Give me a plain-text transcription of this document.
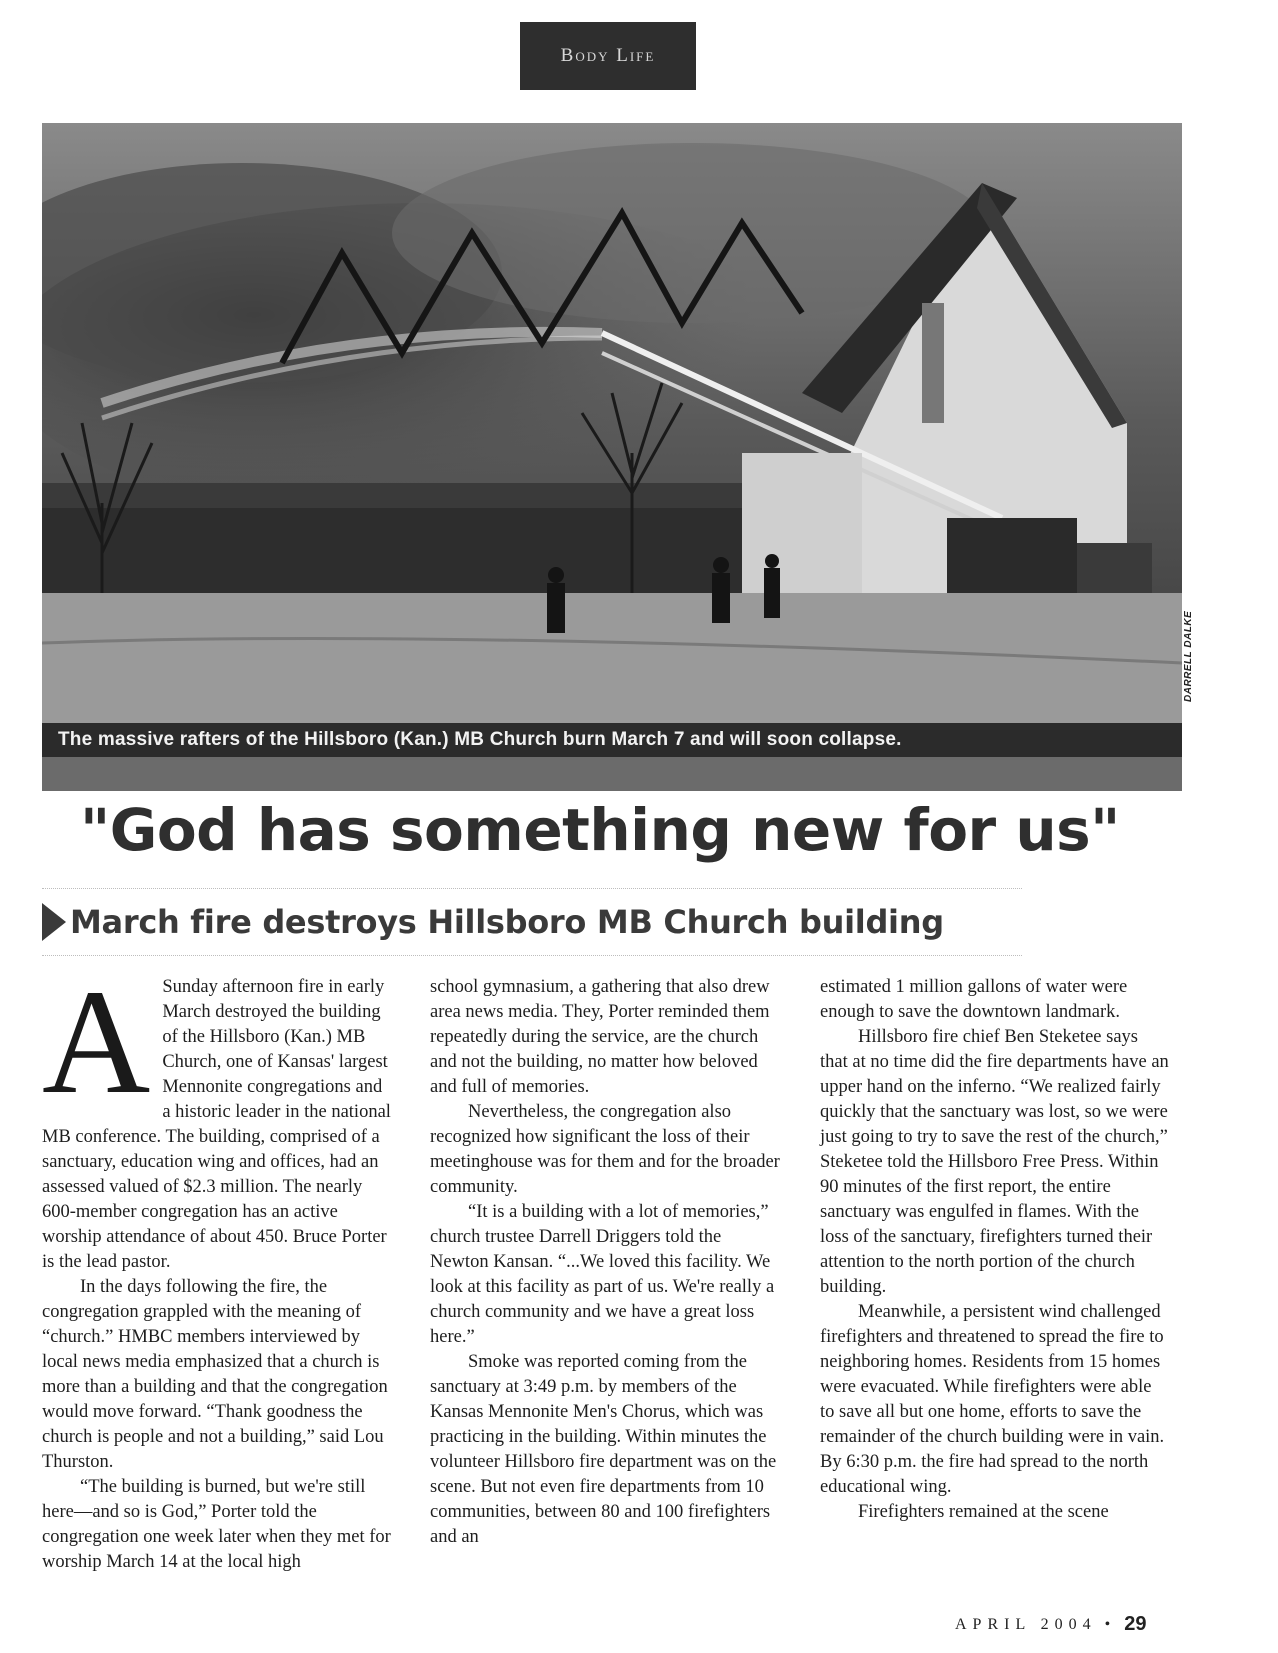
Body Life
DARRELL DALKE
The massive rafters of the Hillsboro (Kan.) MB Church burn March 7 and will soon collapse.
"God has something new for us"
March fire destroys Hillsboro MB Church building
A Sunday afternoon fire in early March destroyed the building of the Hillsboro (Kan.) MB Church, one of Kansas' largest Mennonite congregations and a historic leader in the national MB conference. The building, comprised of a sanctuary, education wing and offices, had an assessed valued of $2.3 million. The nearly 600-member congregation has an active worship attendance of about 450. Bruce Porter is the lead pastor.

In the days following the fire, the congregation grappled with the meaning of “church.” HMBC members interviewed by local news media emphasized that a church is more than a building and that the congregation would move forward. “Thank goodness the church is people and not a building,” said Lou Thurston.

“The building is burned, but we're still here—and so is God,” Porter told the congregation one week later when they met for worship March 14 at the local high

school gymnasium, a gathering that also drew area news media. They, Porter reminded them repeatedly during the service, are the church and not the building, no matter how beloved and full of memories.

Nevertheless, the congregation also recognized how significant the loss of their meetinghouse was for them and for the broader community.

“It is a building with a lot of memories,” church trustee Darrell Driggers told the Newton Kansan. “...We loved this facility. We look at this facility as part of us. We're really a church community and we have a great loss here.”

Smoke was reported coming from the sanctuary at 3:49 p.m. by members of the Kansas Mennonite Men's Chorus, which was practicing in the building. Within minutes the volunteer Hillsboro fire department was on the scene. But not even fire departments from 10 communities, between 80 and 100 firefighters and an

estimated 1 million gallons of water were enough to save the downtown landmark.

Hillsboro fire chief Ben Steketee says that at no time did the fire departments have an upper hand on the inferno. “We realized fairly quickly that the sanctuary was lost, so we were just going to try to save the rest of the church,” Steketee told the Hillsboro Free Press. Within 90 minutes of the first report, the entire sanctuary was engulfed in flames. With the loss of the sanctuary, firefighters turned their attention to the north portion of the church building.

Meanwhile, a persistent wind challenged firefighters and threatened to spread the fire to neighboring homes. Residents from 15 homes were evacuated. While firefighters were able to save all but one home, efforts to save the remainder of the church building were in vain. By 6:30 p.m. the fire had spread to the north educational wing.

Firefighters remained at the scene

APRIL 2004 • 29
